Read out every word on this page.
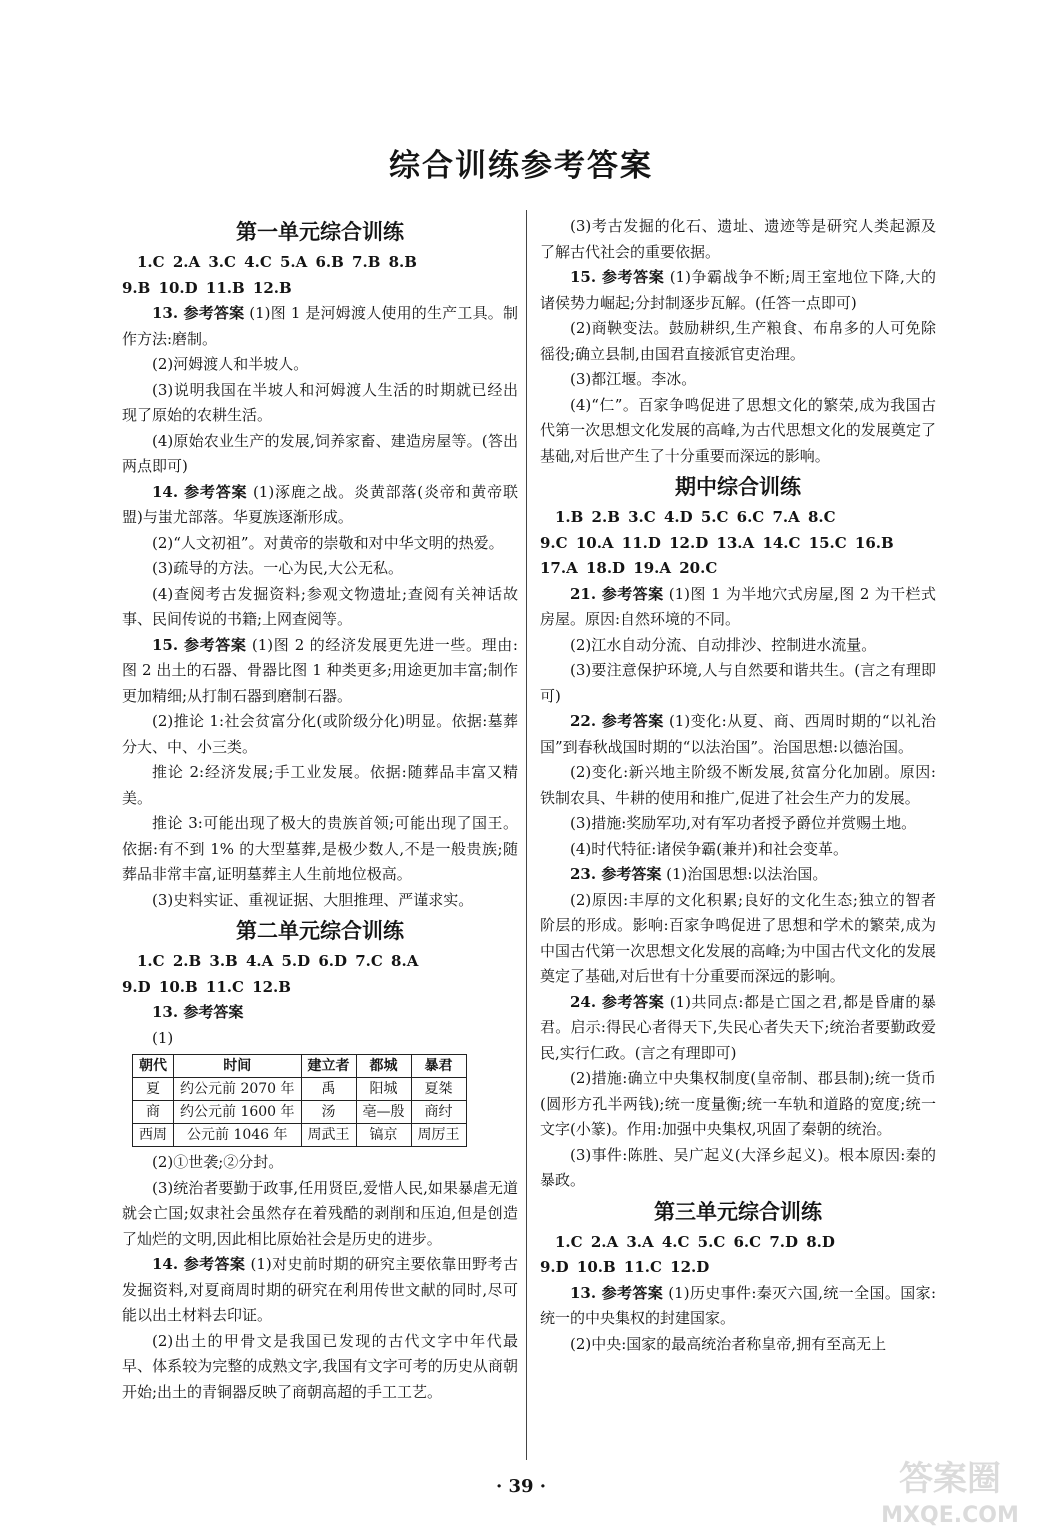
综合训练参考答案
第一单元综合训练

1.C 2.A 3.C 4.C 5.A 6.B 7.B 8.B

9.B 10.D 11.B 12.B

13. 参考答案 (1)图 1 是河姆渡人使用的生产工具。制作方法:磨制。

(2)河姆渡人和半坡人。

(3)说明我国在半坡人和河姆渡人生活的时期就已经出现了原始的农耕生活。

(4)原始农业生产的发展,饲养家畜、建造房屋等。(答出两点即可)

14. 参考答案 (1)涿鹿之战。炎黄部落(炎帝和黄帝联盟)与蚩尤部落。华夏族逐渐形成。

(2)“人文初祖”。对黄帝的崇敬和对中华文明的热爱。

(3)疏导的方法。一心为民,大公无私。

(4)查阅考古发掘资料;参观文物遗址;查阅有关神话故事、民间传说的书籍;上网查阅等。

15. 参考答案 (1)图 2 的经济发展更先进一些。理由:图 2 出土的石器、骨器比图 1 种类更多;用途更加丰富;制作更加精细;从打制石器到磨制石器。

(2)推论 1:社会贫富分化(或阶级分化)明显。依据:墓葬分大、中、小三类。

推论 2:经济发展;手工业发展。依据:随葬品丰富又精美。

推论 3:可能出现了极大的贵族首领;可能出现了国王。依据:有不到 1% 的大型墓葬,是极少数人,不是一般贵族;随葬品非常丰富,证明墓葬主人生前地位极高。

(3)史料实证、重视证据、大胆推理、严谨求实。

第二单元综合训练

1.C 2.B 3.B 4.A 5.D 6.D 7.C 8.A

9.D 10.B 11.C 12.B

13. 参考答案

(1)

朝代	时间	建立者	都城	暴君
夏	约公元前 2070 年	禹	阳城	夏桀
商	约公元前 1600 年	汤	亳—殷	商纣
西周	公元前 1046 年	周武王	镐京	周厉王

(2)①世袭;②分封。

(3)统治者要勤于政事,任用贤臣,爱惜人民,如果暴虐无道就会亡国;奴隶社会虽然存在着残酷的剥削和压迫,但是创造了灿烂的文明,因此相比原始社会是历史的进步。

14. 参考答案 (1)对史前时期的研究主要依靠田野考古发掘资料,对夏商周时期的研究在利用传世文献的同时,尽可能以出土材料去印证。

(2)出土的甲骨文是我国已发现的古代文字中年代最早、体系较为完整的成熟文字,我国有文字可考的历史从商朝开始;出土的青铜器反映了商朝高超的手工工艺。

(3)考古发掘的化石、遗址、遗迹等是研究人类起源及了解古代社会的重要依据。

15. 参考答案 (1)争霸战争不断;周王室地位下降,大的诸侯势力崛起;分封制逐步瓦解。(任答一点即可)

(2)商鞅变法。鼓励耕织,生产粮食、布帛多的人可免除徭役;确立县制,由国君直接派官吏治理。

(3)都江堰。李冰。

(4)“仁”。百家争鸣促进了思想文化的繁荣,成为我国古代第一次思想文化发展的高峰,为古代思想文化的发展奠定了基础,对后世产生了十分重要而深远的影响。

期中综合训练

1.B 2.B 3.C 4.D 5.C 6.C 7.A 8.C

9.C 10.A 11.D 12.D 13.A 14.C 15.C 16.B

17.A 18.D 19.A 20.C

21. 参考答案 (1)图 1 为半地穴式房屋,图 2 为干栏式房屋。原因:自然环境的不同。

(2)江水自动分流、自动排沙、控制进水流量。

(3)要注意保护环境,人与自然要和谐共生。(言之有理即可)

22. 参考答案 (1)变化:从夏、商、西周时期的“以礼治国”到春秋战国时期的“以法治国”。治国思想:以德治国。

(2)变化:新兴地主阶级不断发展,贫富分化加剧。原因:铁制农具、牛耕的使用和推广,促进了社会生产力的发展。

(3)措施:奖励军功,对有军功者授予爵位并赏赐土地。

(4)时代特征:诸侯争霸(兼并)和社会变革。

23. 参考答案 (1)治国思想:以法治国。

(2)原因:丰厚的文化积累;良好的文化生态;独立的智者阶层的形成。影响:百家争鸣促进了思想和学术的繁荣,成为中国古代第一次思想文化发展的高峰;为中国古代文化的发展奠定了基础,对后世有十分重要而深远的影响。

24. 参考答案 (1)共同点:都是亡国之君,都是昏庸的暴君。启示:得民心者得天下,失民心者失天下;统治者要勤政爱民,实行仁政。(言之有理即可)

(2)措施:确立中央集权制度(皇帝制、郡县制);统一货币(圆形方孔半两钱);统一度量衡;统一车轨和道路的宽度;统一文字(小篆)。作用:加强中央集权,巩固了秦朝的统治。

(3)事件:陈胜、吴广起义(大泽乡起义)。根本原因:秦的暴政。

第三单元综合训练

1.C 2.A 3.A 4.C 5.C 6.C 7.D 8.D

9.D 10.B 11.C 12.D

13. 参考答案 (1)历史事件:秦灭六国,统一全国。国家:统一的中央集权的封建国家。

(2)中央:国家的最高统治者称皇帝,拥有至高无上

· 39 ·	答案圈
MXQE.COM
